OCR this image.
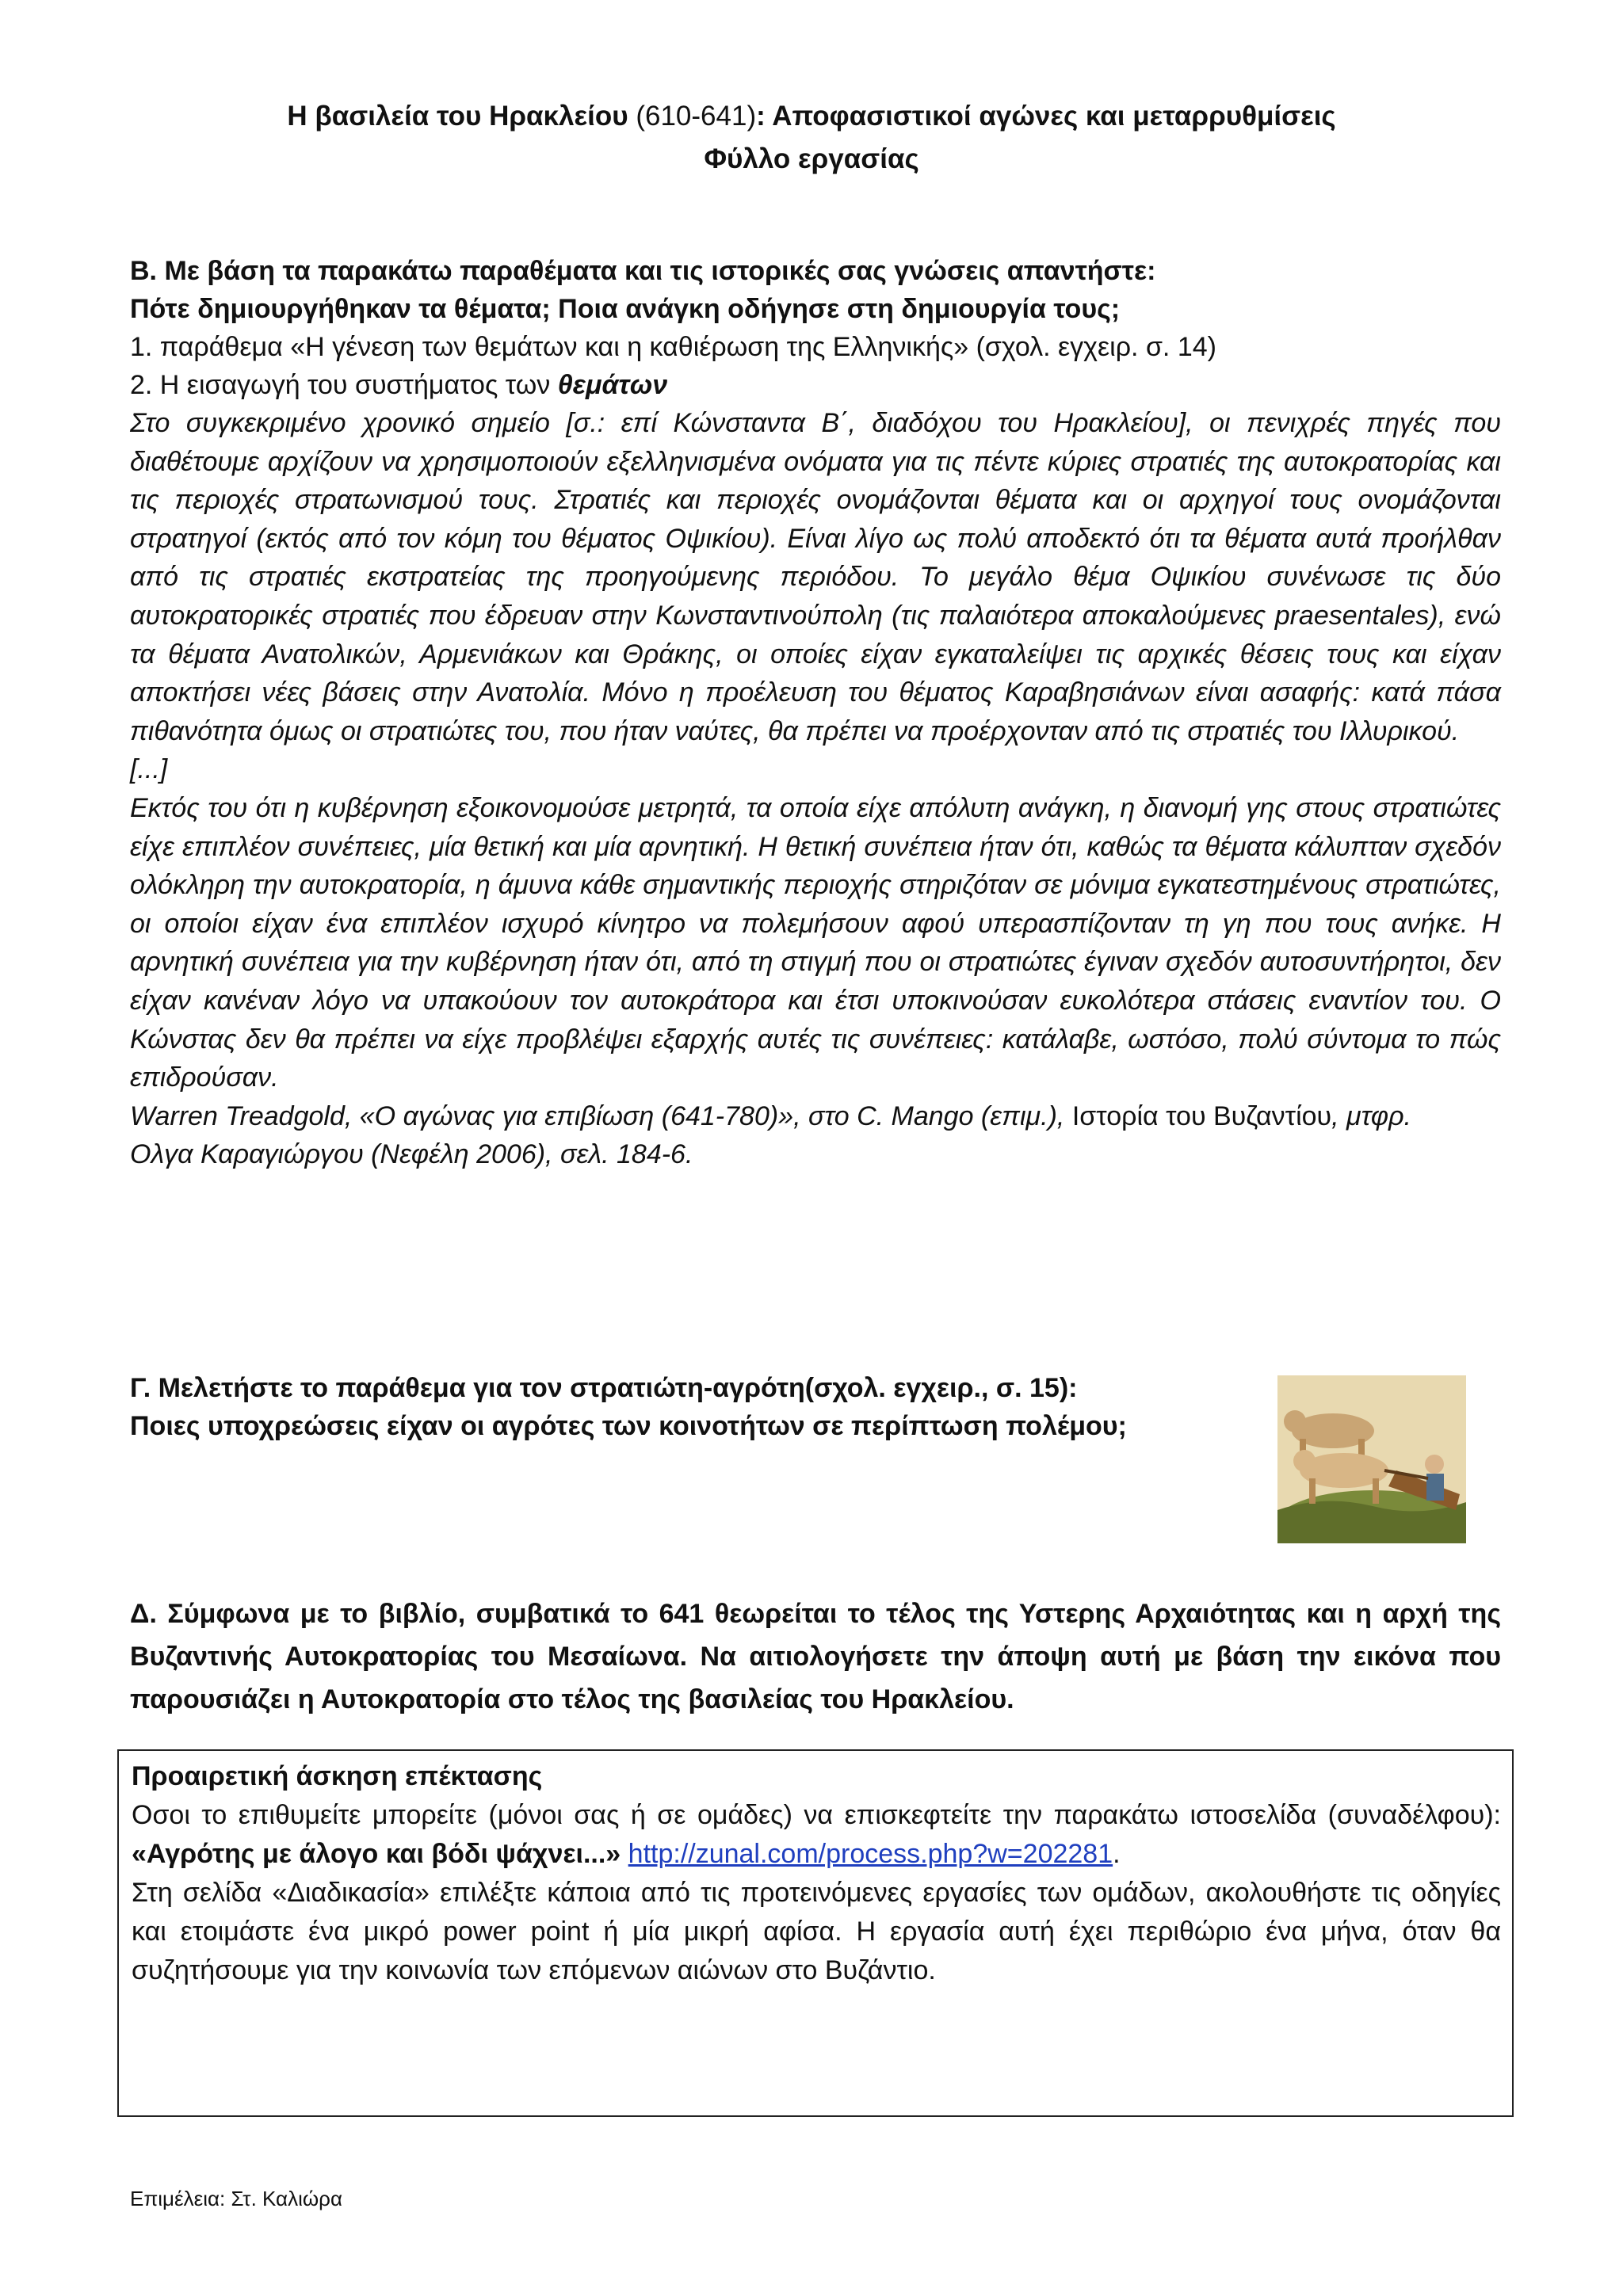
Η βασιλεία του Ηρακλείου (610-641): Αποφασιστικοί αγώνες και μεταρρυθμίσεις
Φύλλο εργασίας
Β. Με βάση τα παρακάτω παραθέματα και τις ιστορικές σας γνώσεις απαντήστε:
Πότε δημιουργήθηκαν τα θέματα; Ποια ανάγκη οδήγησε στη δημιουργία τους;
1. παράθεμα «Η γένεση των θεμάτων και η καθιέρωση της Ελληνικής» (σχολ. εγχειρ. σ. 14)
2. Η εισαγωγή του συστήματος των θεμάτων

Στο συγκεκριμένο χρονικό σημείο [σ.: επί Κώνσταντα Β΄, διαδόχου του Ηρακλείου], οι πενιχρές πηγές που διαθέτουμε αρχίζουν να χρησιμοποιούν εξελληνισμένα ονόματα για τις πέντε κύριες στρατιές της αυτοκρατορίας και τις περιοχές στρατωνισμού τους. Στρατιές και περιοχές ονομάζονται θέματα και οι αρχηγοί τους ονομάζονται στρατηγοί (εκτός από τον κόμη του θέματος Οψικίου). Είναι λίγο ως πολύ αποδεκτό ότι τα θέματα αυτά προήλθαν από τις στρατιές εκστρατείας της προηγούμενης περιόδου. Το μεγάλο θέμα Οψικίου συνένωσε τις δύο αυτοκρατορικές στρατιές που έδρευαν στην Κωνσταντινούπολη (τις παλαιότερα αποκαλούμενες praesentales), ενώ τα θέματα Ανατολικών, Αρμενιάκων και Θράκης, οι οποίες είχαν εγκαταλείψει τις αρχικές θέσεις τους και είχαν αποκτήσει νέες βάσεις στην Ανατολία. Μόνο η προέλευση του θέματος Καραβησιάνων είναι ασαφής: κατά πάσα πιθανότητα όμως οι στρατιώτες του, που ήταν ναύτες, θα πρέπει να προέρχονταν από τις στρατιές του Ιλλυρικού.

[...]

Εκτός του ότι η κυβέρνηση εξοικονομούσε μετρητά, τα οποία είχε απόλυτη ανάγκη, η διανομή γης στους στρατιώτες είχε επιπλέον συνέπειες, μία θετική και μία αρνητική. Η θετική συνέπεια ήταν ότι, καθώς τα θέματα κάλυπταν σχεδόν ολόκληρη την αυτοκρατορία, η άμυνα κάθε σημαντικής περιοχής στηριζόταν σε μόνιμα εγκατεστημένους στρατιώτες, οι οποίοι είχαν ένα επιπλέον ισχυρό κίνητρο να πολεμήσουν αφού υπερασπίζονταν τη γη που τους ανήκε. Η αρνητική συνέπεια για την κυβέρνηση ήταν ότι, από τη στιγμή που οι στρατιώτες έγιναν σχεδόν αυτοσυντήρητοι, δεν είχαν κανέναν λόγο να υπακούουν τον αυτοκράτορα και έτσι υποκινούσαν ευκολότερα στάσεις εναντίον του. Ο Κώνστας δεν θα πρέπει να είχε προβλέψει εξαρχής αυτές τις συνέπειες: κατάλαβε, ωστόσο, πολύ σύντομα το πώς επιδρούσαν.

Warren Treadgold, «Ο αγώνας για επιβίωση (641-780)», στο C. Mango (επιμ.), Ιστορία του Βυζαντίου, μτφρ.
Ολγα Καραγιώργου (Νεφέλη 2006), σελ. 184-6.
Γ. Μελετήστε το παράθεμα για τον στρατιώτη-αγρότη(σχολ. εγχειρ., σ. 15):
Ποιες υποχρεώσεις είχαν οι αγρότες των κοινοτήτων σε περίπτωση πολέμου;
Δ. Σύμφωνα με το βιβλίο, συμβατικά το 641 θεωρείται το τέλος της Υστερης Αρχαιότητας και η αρχή της Βυζαντινής Αυτοκρατορίας του Μεσαίωνα. Να αιτιολογήσετε την άποψη αυτή με βάση την εικόνα που παρουσιάζει η Αυτοκρατορία στο τέλος της βασιλείας του Ηρακλείου.

Προαιρετική άσκηση επέκτασης

Οσοι το επιθυμείτε μπορείτε (μόνοι σας ή σε ομάδες) να επισκεφτείτε την παρακάτω ιστοσελίδα (συναδέλφου): «Αγρότης με άλογο και βόδι ψάχνει...» http://zunal.com/process.php?w=202281.

Στη σελίδα «Διαδικασία» επιλέξτε κάποια από τις προτεινόμενες εργασίες των ομάδων, ακολουθήστε τις οδηγίες και ετοιμάστε ένα μικρό power point ή μία μικρή αφίσα. Η εργασία αυτή έχει περιθώριο ένα μήνα, όταν θα συζητήσουμε για την κοινωνία των επόμενων αιώνων στο Βυζάντιο.

Επιμέλεια: Στ. Καλιώρα
